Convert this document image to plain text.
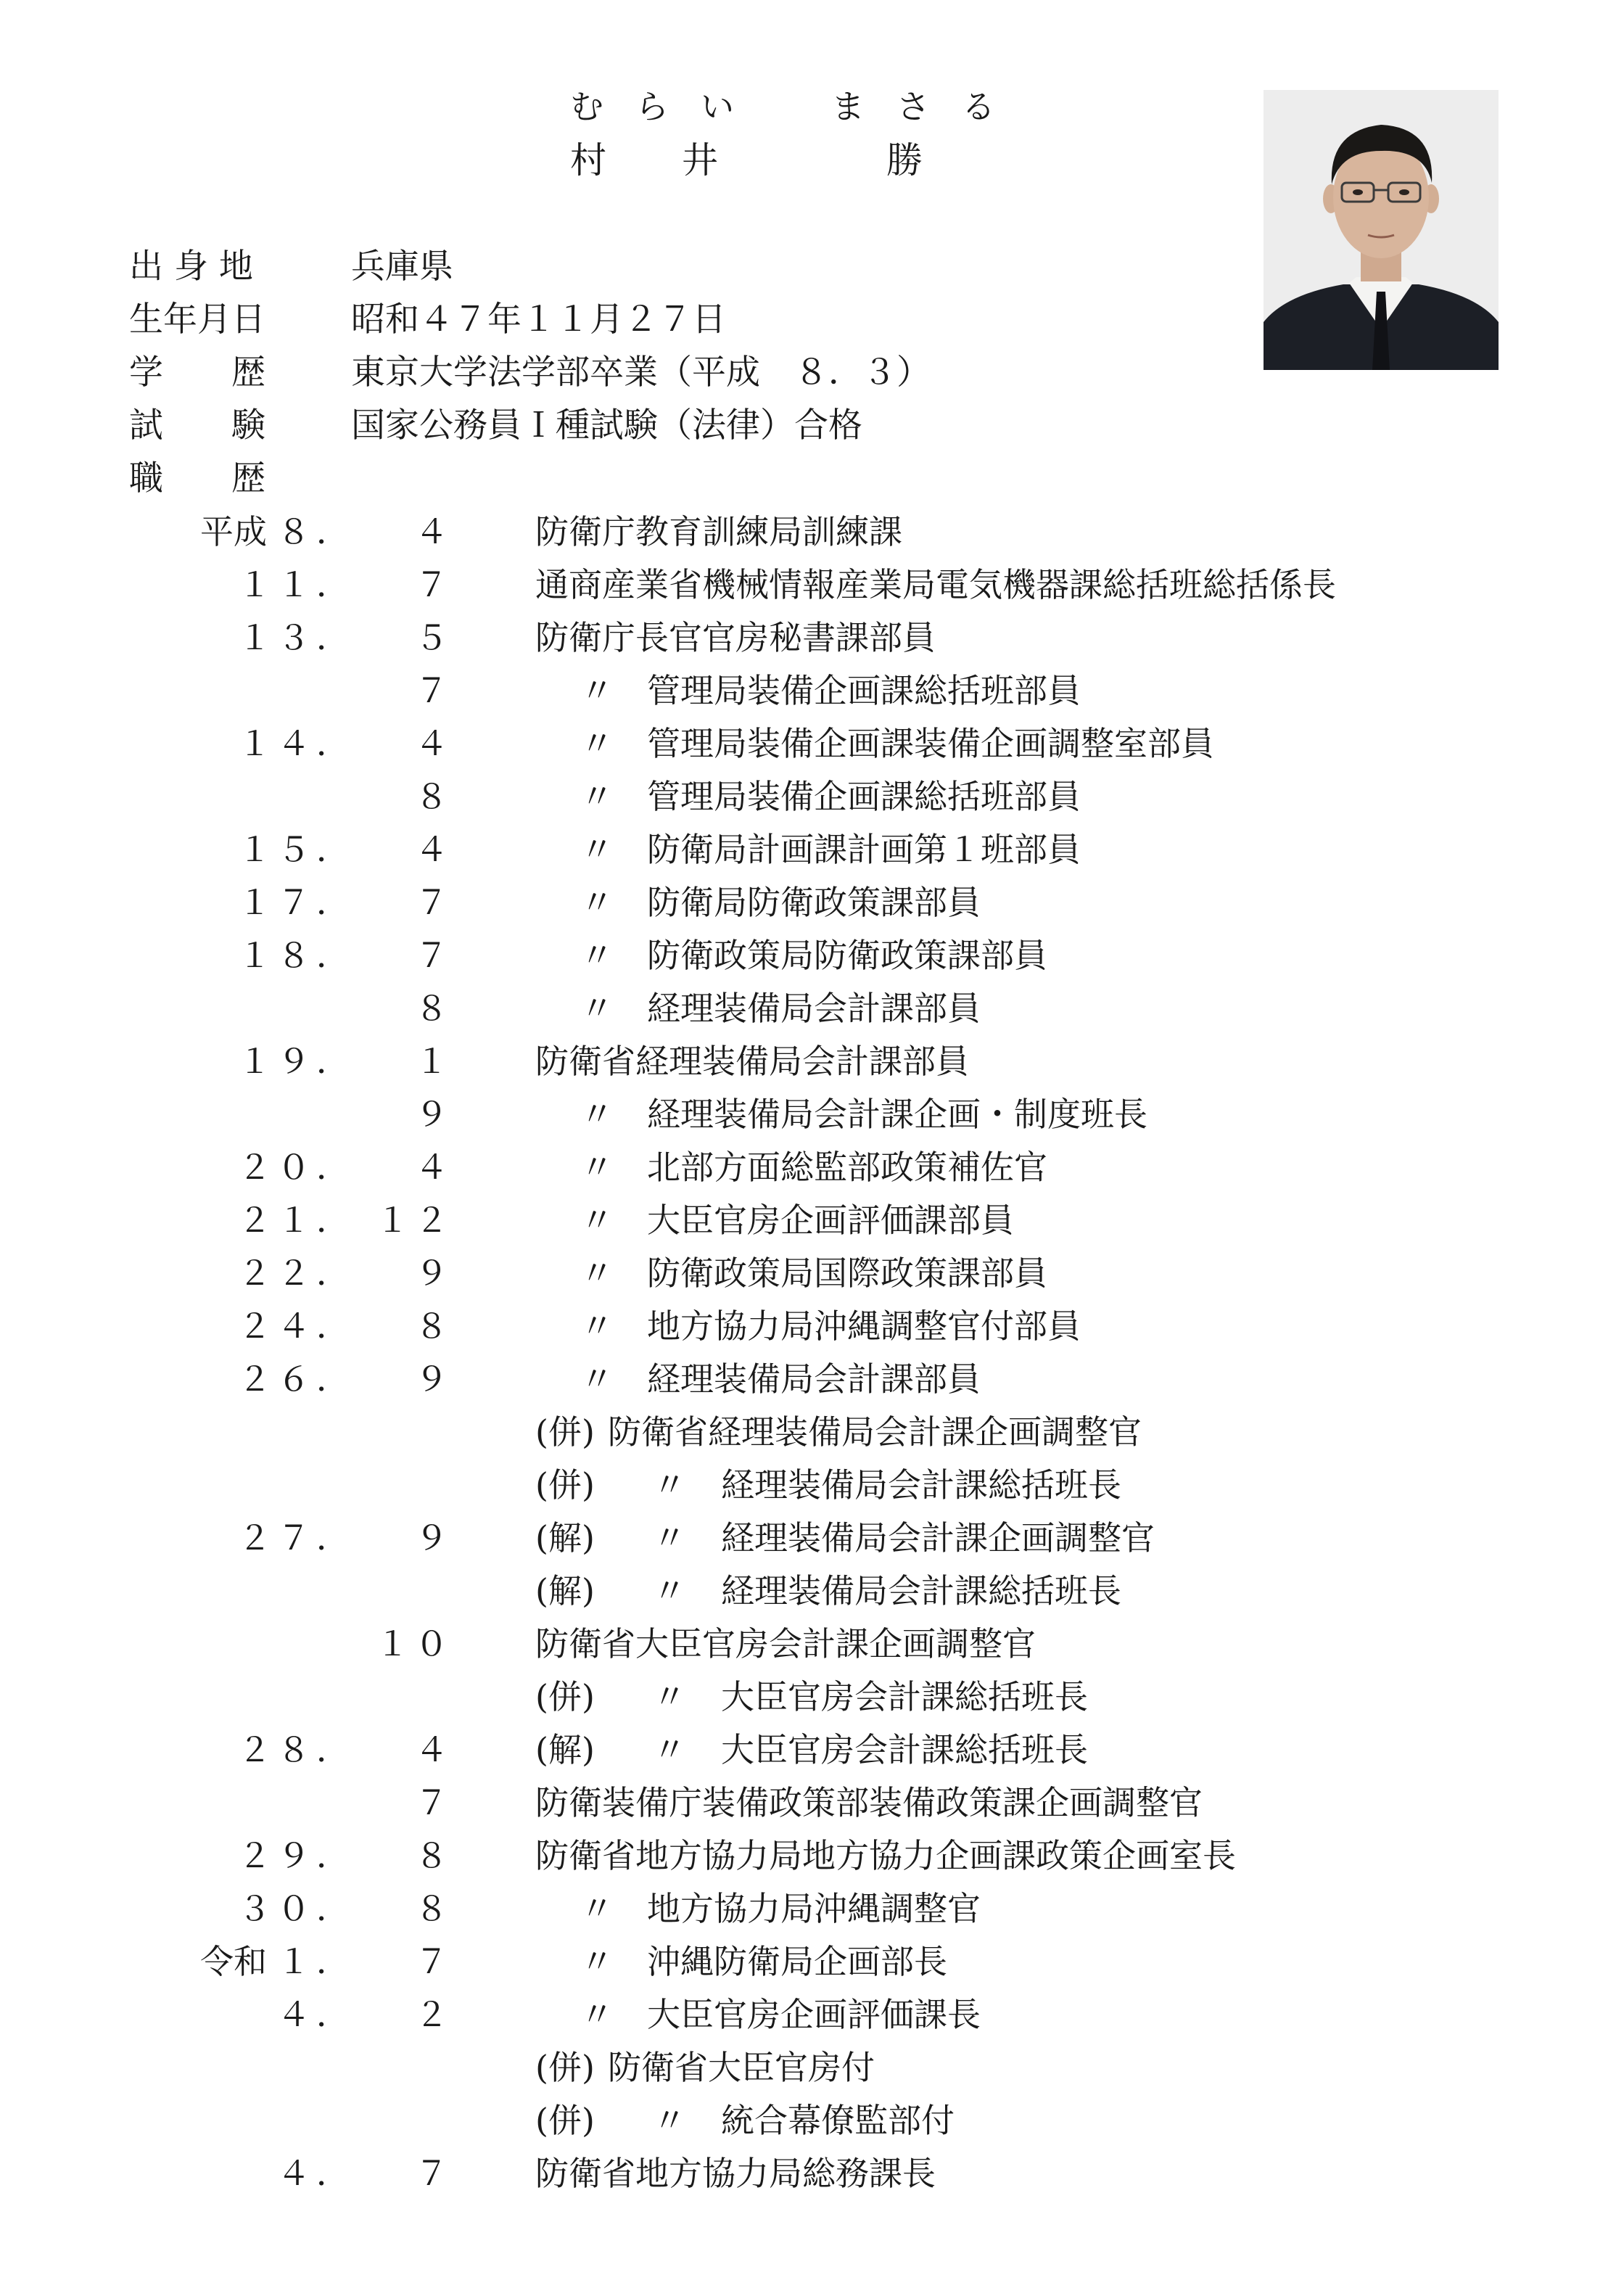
むらい まさる
村 井	勝
出 身 地	兵庫県
生年月日	昭和４７年１１月２７日
学　　歴	東京大学法学部卒業（平成　８．３）
試　　験	国家公務員Ｉ種試験（法律）合格
職　　歴
平成 ８． ４ 防衛庁教育訓練局訓練課
１１． ７ 通商産業省機械情報産業局電気機器課総括班総括係長
１３． ５ 防衛庁長官官房秘書課部員
７	〃 管理局装備企画課総括班部員
１４． ４	〃 管理局装備企画課装備企画調整室部員
８	〃 管理局装備企画課総括班部員
１５． ４	〃 防衛局計画課計画第１班部員
１７． ７	〃 防衛局防衛政策課部員
１８． ７	〃 防衛政策局防衛政策課部員
８	〃 経理装備局会計課部員
１９． １ 防衛省経理装備局会計課部員
９	〃 経理装備局会計課企画・制度班長
２０． ４	〃 北部方面総監部政策補佐官
２１． １２	〃 大臣官房企画評価課部員
２２． ９	〃 防衛政策局国際政策課部員
２４． ８	〃 地方協力局沖縄調整官付部員
２６． ９	〃 経理装備局会計課部員
(併) 防衛省経理装備局会計課企画調整官
(併) 〃 経理装備局会計課総括班長
２７． ９ (解) 〃 経理装備局会計課企画調整官
(解) 〃 経理装備局会計課総括班長
１０ 防衛省大臣官房会計課企画調整官
(併) 〃 大臣官房会計課総括班長
２８． ４ (解) 〃 大臣官房会計課総括班長
７ 防衛装備庁装備政策部装備政策課企画調整官
２９． ８ 防衛省地方協力局地方協力企画課政策企画室長
３０． ８	〃 地方協力局沖縄調整官
令和 １． ７	〃 沖縄防衛局企画部長
４． ２	〃 大臣官房企画評価課長
(併) 防衛省大臣官房付
(併) 〃 統合幕僚監部付
４． ７ 防衛省地方協力局総務課長
